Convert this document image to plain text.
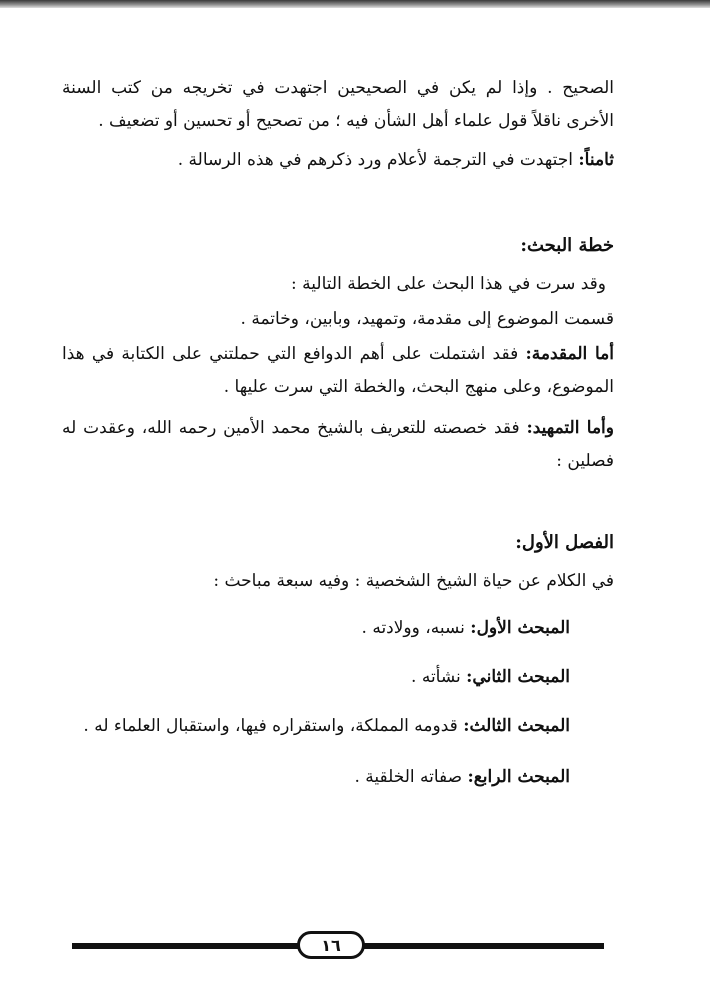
الصحيح . وإذا لم يكن في الصحيحين اجتهدت في تخريجه من كتب السنة الأخرى ناقلاً قول علماء أهل الشأن فيه ؛ من تصحيح أو تحسين أو تضعيف .

ثامناً: اجتهدت في الترجمة لأعلام ورد ذكرهم في هذه الرسالة .

خطة البحث:

وقد سرت في هذا البحث على الخطة التالية :

قسمت الموضوع إلى مقدمة، وتمهيد، وبابين، وخاتمة .

أما المقدمة: فقد اشتملت على أهم الدوافع التي حملتني على الكتابة في هذا الموضوع، وعلى منهج البحث، والخطة التي سرت عليها .

وأما التمهيد: فقد خصصته للتعريف بالشيخ محمد الأمين رحمه الله، وعقدت له فصلين :

الفصل الأول:

في الكلام عن حياة الشيخ الشخصية : وفيه سبعة مباحث :

المبحث الأول: نسبه، وولادته .

المبحث الثاني: نشأته .

المبحث الثالث: قدومه المملكة، واستقراره فيها، واستقبال العلماء له .

المبحث الرابع: صفاته الخلقية .

١٦
